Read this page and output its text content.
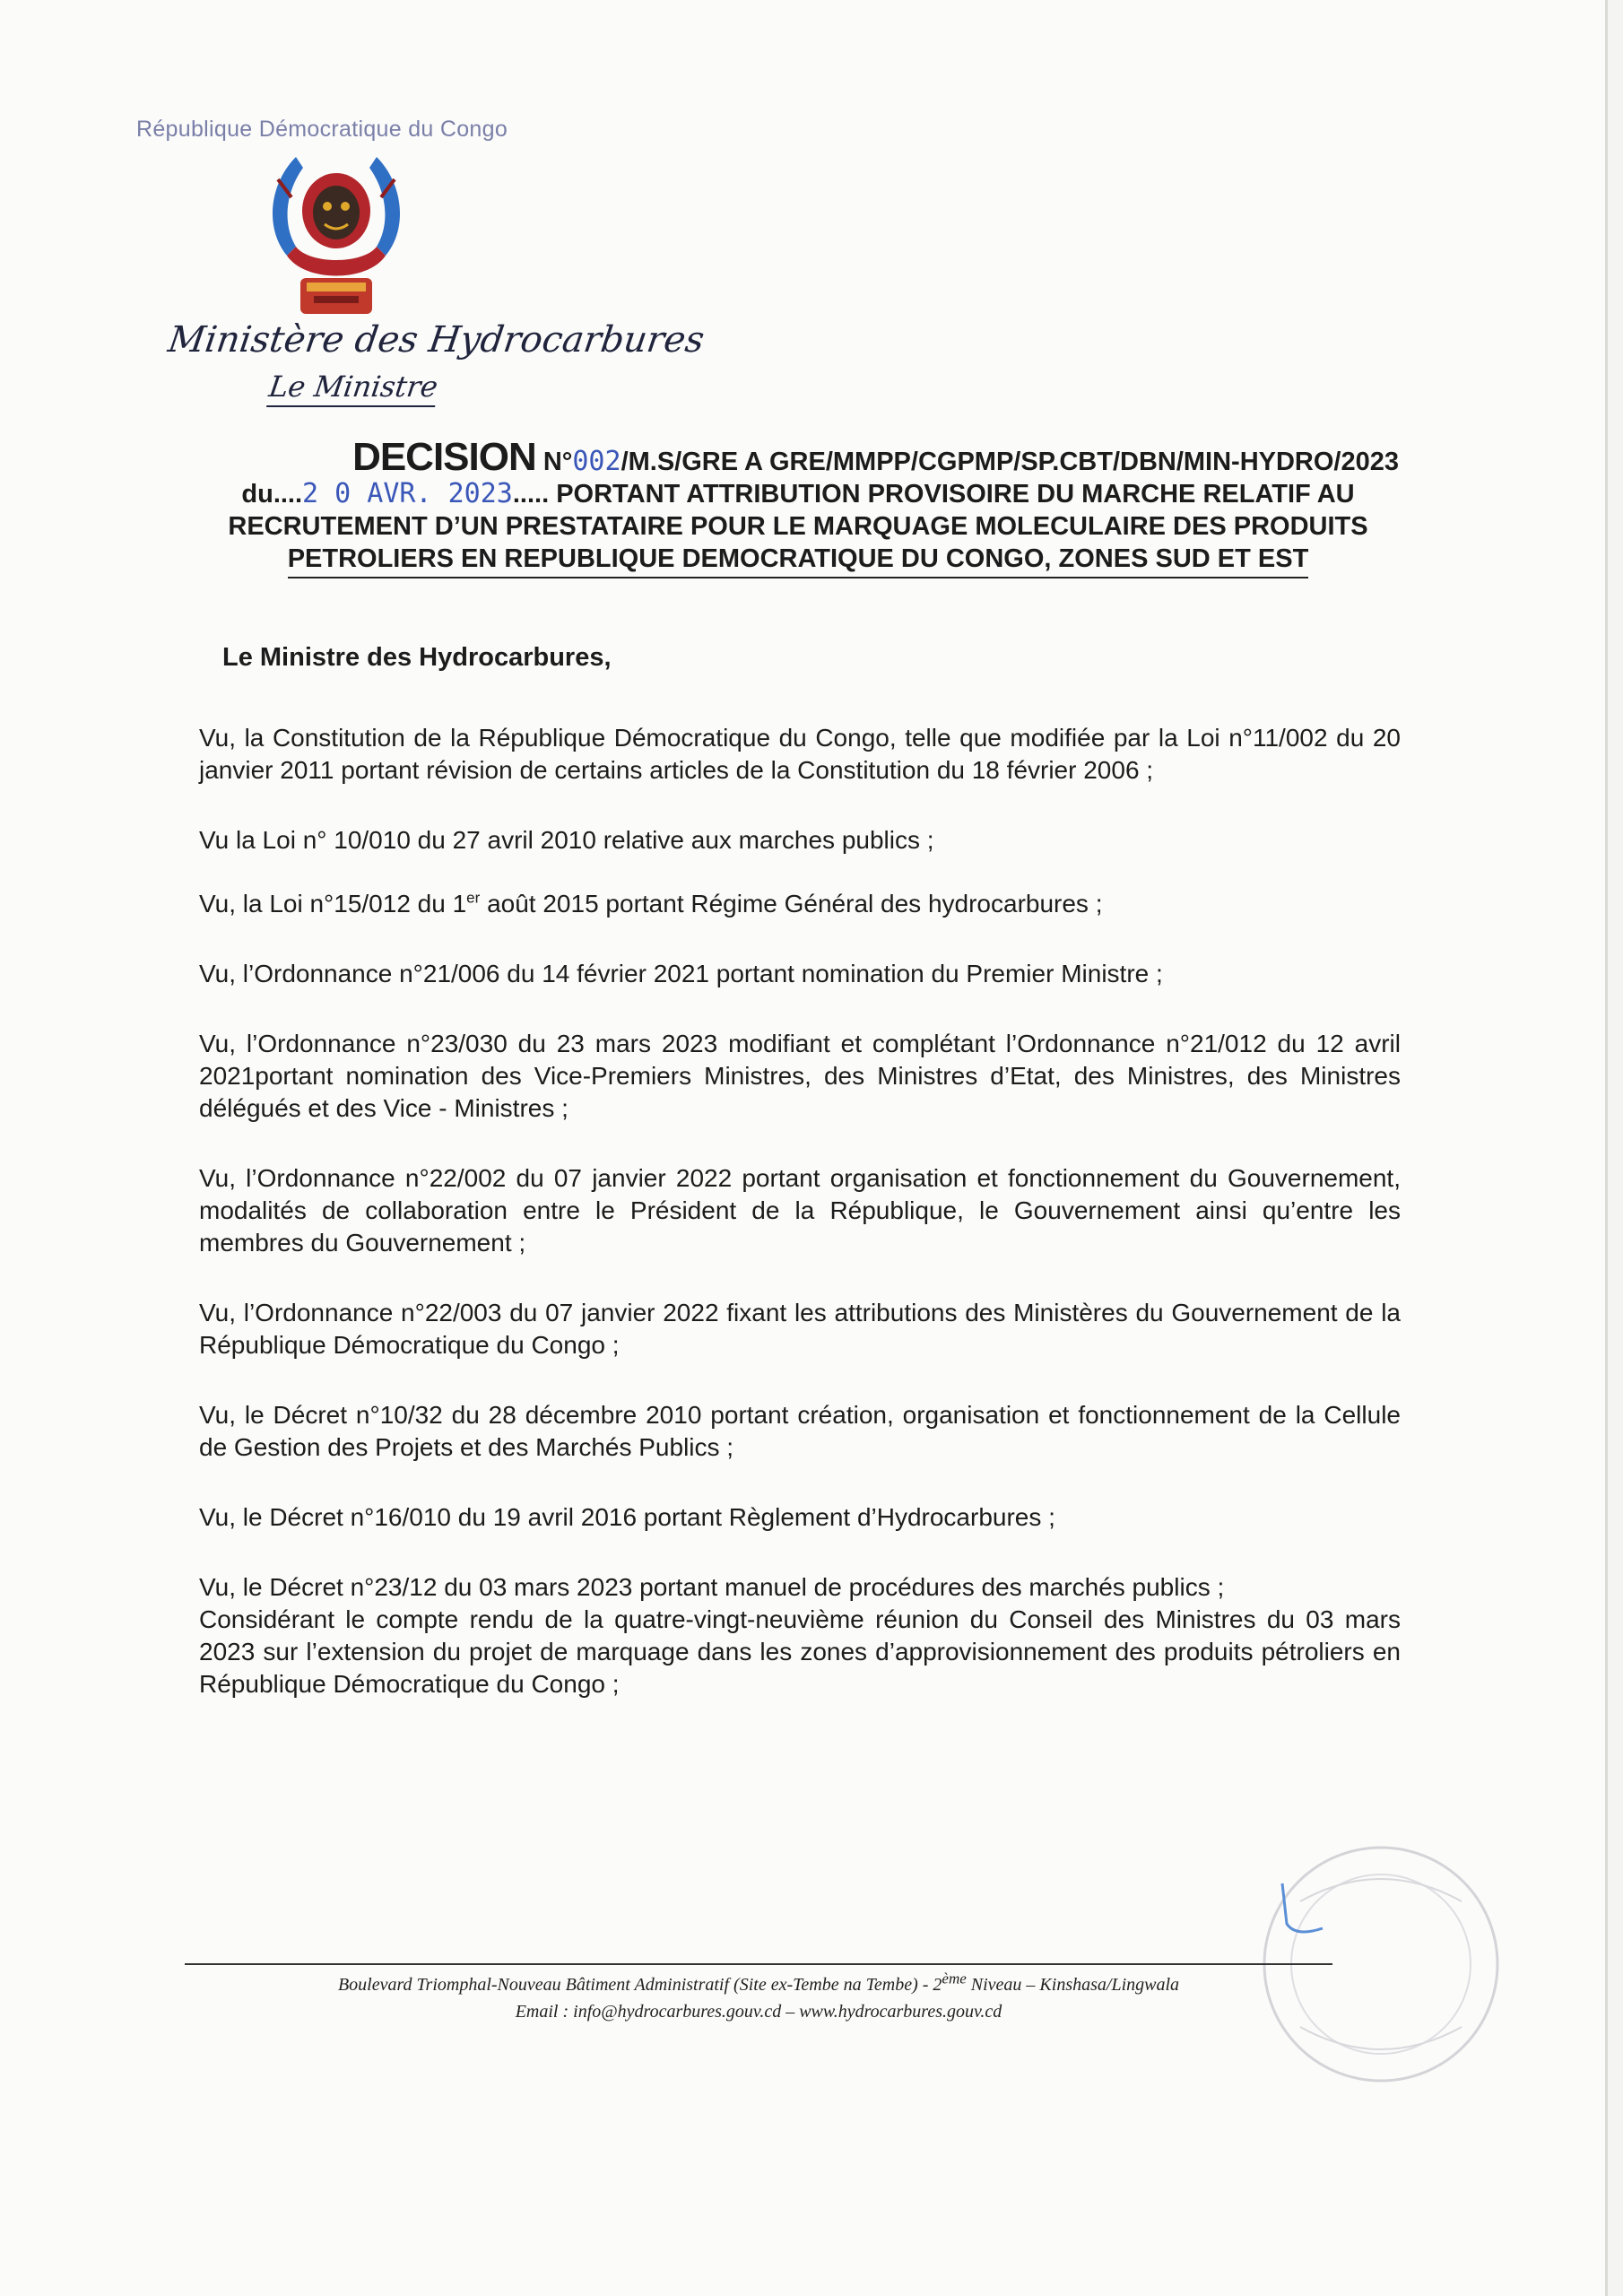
République Démocratique du Congo
Ministère des Hydrocarbures
Le Ministre
DECISION N°002/M.S/GRE A GRE/MMPP/CGPMP/SP.CBT/DBN/MIN-HYDRO/2023
du....2 0 AVR. 2023..... PORTANT ATTRIBUTION PROVISOIRE DU MARCHE RELATIF AU
RECRUTEMENT D’UN PRESTATAIRE POUR LE MARQUAGE MOLECULAIRE DES PRODUITS
PETROLIERS EN REPUBLIQUE DEMOCRATIQUE DU CONGO, ZONES SUD ET EST
Le Ministre des Hydrocarbures,

Vu, la Constitution de la République Démocratique du Congo, telle que modifiée par la Loi n°11/002 du 20 janvier 2011 portant révision de certains articles de la Constitution du 18 février 2006 ;

Vu la Loi n° 10/010 du 27 avril 2010 relative aux marches publics ;

Vu, la Loi n°15/012 du 1er août 2015 portant Régime Général des hydrocarbures ;

Vu, l’Ordonnance n°21/006 du 14 février 2021 portant nomination du Premier Ministre ;

Vu, l’Ordonnance n°23/030 du 23 mars 2023 modifiant et complétant l’Ordonnance n°21/012 du 12 avril 2021portant nomination des Vice-Premiers Ministres, des Ministres d’Etat, des Ministres, des Ministres délégués et des Vice - Ministres ;

Vu, l’Ordonnance n°22/002 du 07 janvier 2022 portant organisation et fonctionnement du Gouvernement, modalités de collaboration entre le Président de la République, le Gouvernement ainsi qu’entre les membres du Gouvernement ;

Vu, l’Ordonnance n°22/003 du 07 janvier 2022 fixant les attributions des Ministères du Gouvernement de la République Démocratique du Congo ;

Vu, le Décret n°10/32 du 28 décembre 2010 portant création, organisation et fonctionnement de la Cellule de Gestion des Projets et des Marchés Publics ;

Vu, le Décret n°16/010 du 19 avril 2016 portant Règlement d’Hydrocarbures ;

Vu, le Décret n°23/12 du 03 mars 2023 portant manuel de procédures des marchés publics ;

Considérant le compte rendu de la quatre-vingt-neuvième réunion du Conseil des Ministres du 03 mars 2023 sur l’extension du projet de marquage dans les zones d’approvisionnement des produits pétroliers en République Démocratique du Congo ;

Boulevard Triomphal-Nouveau Bâtiment Administratif (Site ex-Tembe na Tembe) - 2ème Niveau – Kinshasa/Lingwala
Email : info@hydrocarbures.gouv.cd – www.hydrocarbures.gouv.cd
